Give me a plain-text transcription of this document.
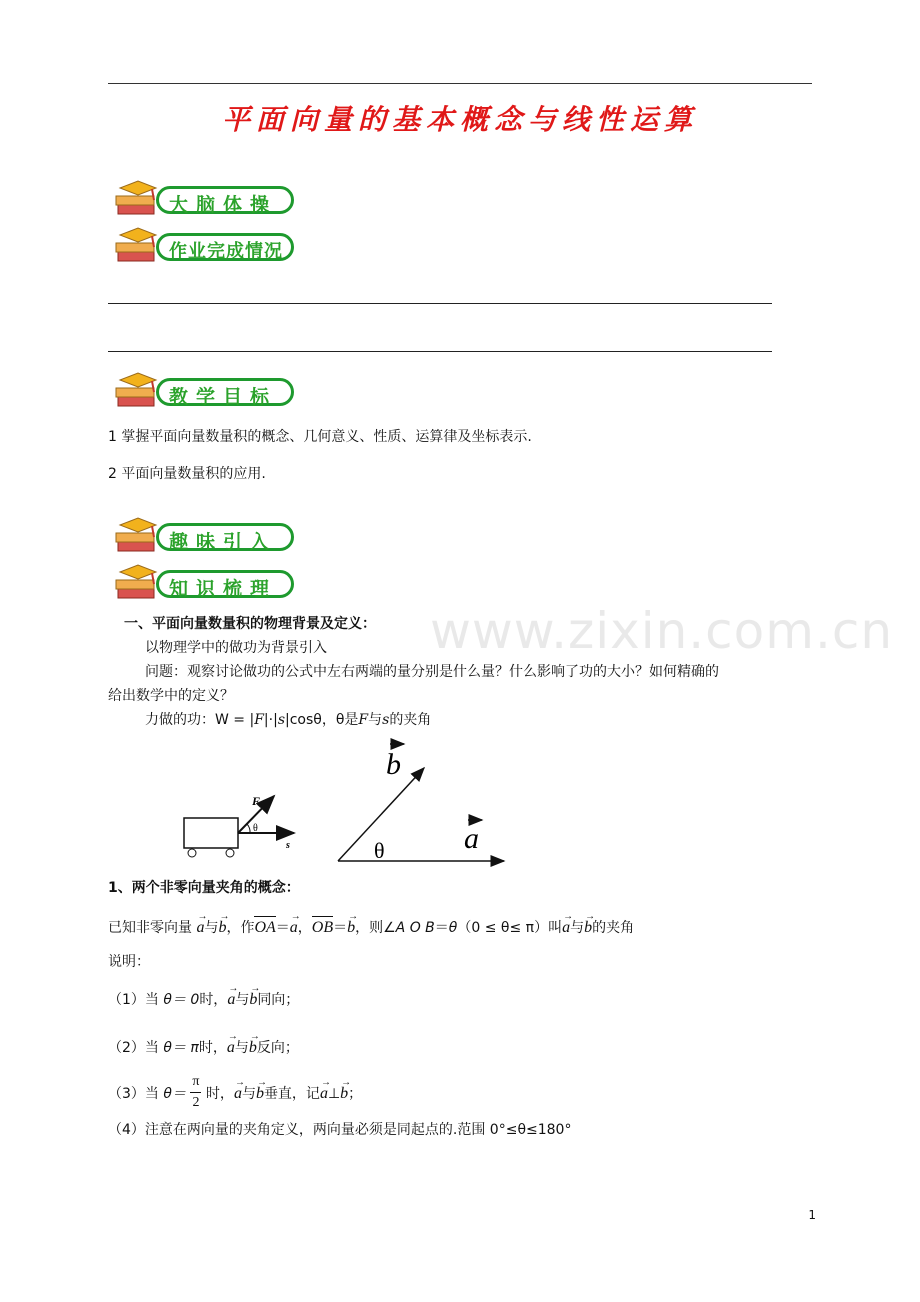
平面向量的基本概念与线性运算
大脑体操
作业完成情况
教学目标
1 掌握平面向量数量积的概念、几何意义、性质、运算律及坐标表示.
2 平面向量数量积的应用.
趣味引入
知识梳理
www.zixin.com.cn
一、平面向量数量积的物理背景及定义：
以物理学中的做功为背景引入
问题：观察讨论做功的公式中左右两端的量分别是什么量？什么影响了功的大小？如何精确的
给出数学中的定义？
力做的功：W = |F|·|s|cosθ，θ是F与s的夹角
F
θ
s
b
a
θ
1、两个非零向量夹角的概念：
已知非零向量 → a与→ b，作OA＝→ a，OB＝→ b，则∠A O B＝θ（0 ≤ θ≤ π）叫→ a与→ b的夹角
说明：
（1）当 θ＝ 0时，→ a与→ b同向；
（2）当 θ＝ π时，→ a与→ b反向；
（3）当 $\theta= \frac{\pi}{2}$ 时，→ a与→ b垂直，记→ a⊥→ b；
（4）注意在两向量的夹角定义，两向量必须是同起点的.范围 0°≤θ≤180°
1
